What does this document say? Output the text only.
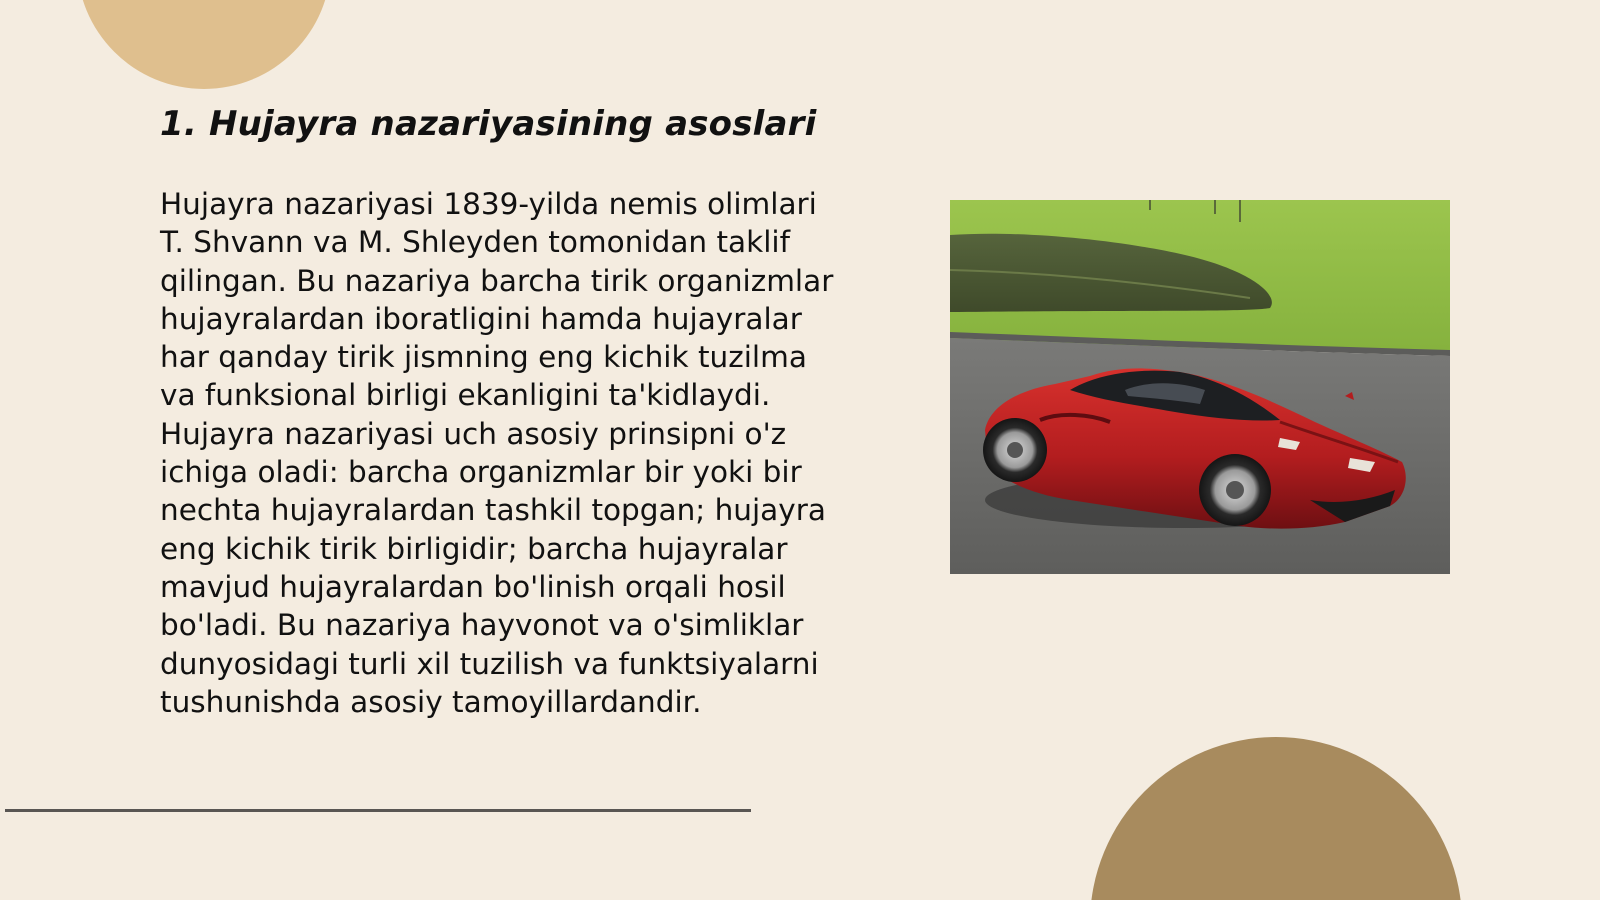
1. Hujayra nazariyasining asoslari

Hujayra nazariyasi 1839-yilda nemis olimlari T. Shvann va M. Shleyden tomonidan taklif qilingan. Bu nazariya barcha tirik organizmlar hujayralardan iboratligini hamda hujayralar har qanday tirik jismning eng kichik tuzilma va funksional birligi ekanligini ta'kidlaydi. Hujayra nazariyasi uch asosiy prinsipni o'z ichiga oladi: barcha organizmlar bir yoki bir nechta hujayralardan tashkil topgan; hujayra eng kichik tirik birligidir; barcha hujayralar mavjud hujayralardan bo'linish orqali hosil bo'ladi. Bu nazariya hayvonot va o'simliklar dunyosidagi turli xil tuzilish va funktsiyalarni tushunishda asosiy tamoyillardandir.
